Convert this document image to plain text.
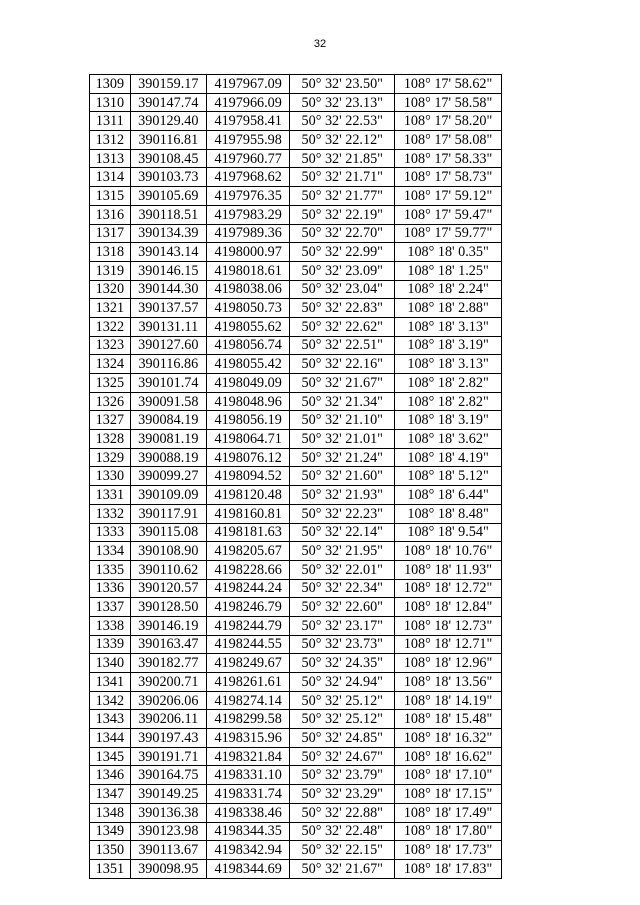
32
1309	390159.17	4197967.09	50° 32' 23.50"	108° 17' 58.62"
1310	390147.74	4197966.09	50° 32' 23.13"	108° 17' 58.58"
1311	390129.40	4197958.41	50° 32' 22.53"	108° 17' 58.20"
1312	390116.81	4197955.98	50° 32' 22.12"	108° 17' 58.08"
1313	390108.45	4197960.77	50° 32' 21.85"	108° 17' 58.33"
1314	390103.73	4197968.62	50° 32' 21.71"	108° 17' 58.73"
1315	390105.69	4197976.35	50° 32' 21.77"	108° 17' 59.12"
1316	390118.51	4197983.29	50° 32' 22.19"	108° 17' 59.47"
1317	390134.39	4197989.36	50° 32' 22.70"	108° 17' 59.77"
1318	390143.14	4198000.97	50° 32' 22.99"	108° 18' 0.35"
1319	390146.15	4198018.61	50° 32' 23.09"	108° 18' 1.25"
1320	390144.30	4198038.06	50° 32' 23.04"	108° 18' 2.24"
1321	390137.57	4198050.73	50° 32' 22.83"	108° 18' 2.88"
1322	390131.11	4198055.62	50° 32' 22.62"	108° 18' 3.13"
1323	390127.60	4198056.74	50° 32' 22.51"	108° 18' 3.19"
1324	390116.86	4198055.42	50° 32' 22.16"	108° 18' 3.13"
1325	390101.74	4198049.09	50° 32' 21.67"	108° 18' 2.82"
1326	390091.58	4198048.96	50° 32' 21.34"	108° 18' 2.82"
1327	390084.19	4198056.19	50° 32' 21.10"	108° 18' 3.19"
1328	390081.19	4198064.71	50° 32' 21.01"	108° 18' 3.62"
1329	390088.19	4198076.12	50° 32' 21.24"	108° 18' 4.19"
1330	390099.27	4198094.52	50° 32' 21.60"	108° 18' 5.12"
1331	390109.09	4198120.48	50° 32' 21.93"	108° 18' 6.44"
1332	390117.91	4198160.81	50° 32' 22.23"	108° 18' 8.48"
1333	390115.08	4198181.63	50° 32' 22.14"	108° 18' 9.54"
1334	390108.90	4198205.67	50° 32' 21.95"	108° 18' 10.76"
1335	390110.62	4198228.66	50° 32' 22.01"	108° 18' 11.93"
1336	390120.57	4198244.24	50° 32' 22.34"	108° 18' 12.72"
1337	390128.50	4198246.79	50° 32' 22.60"	108° 18' 12.84"
1338	390146.19	4198244.79	50° 32' 23.17"	108° 18' 12.73"
1339	390163.47	4198244.55	50° 32' 23.73"	108° 18' 12.71"
1340	390182.77	4198249.67	50° 32' 24.35"	108° 18' 12.96"
1341	390200.71	4198261.61	50° 32' 24.94"	108° 18' 13.56"
1342	390206.06	4198274.14	50° 32' 25.12"	108° 18' 14.19"
1343	390206.11	4198299.58	50° 32' 25.12"	108° 18' 15.48"
1344	390197.43	4198315.96	50° 32' 24.85"	108° 18' 16.32"
1345	390191.71	4198321.84	50° 32' 24.67"	108° 18' 16.62"
1346	390164.75	4198331.10	50° 32' 23.79"	108° 18' 17.10"
1347	390149.25	4198331.74	50° 32' 23.29"	108° 18' 17.15"
1348	390136.38	4198338.46	50° 32' 22.88"	108° 18' 17.49"
1349	390123.98	4198344.35	50° 32' 22.48"	108° 18' 17.80"
1350	390113.67	4198342.94	50° 32' 22.15"	108° 18' 17.73"
1351	390098.95	4198344.69	50° 32' 21.67"	108° 18' 17.83"
